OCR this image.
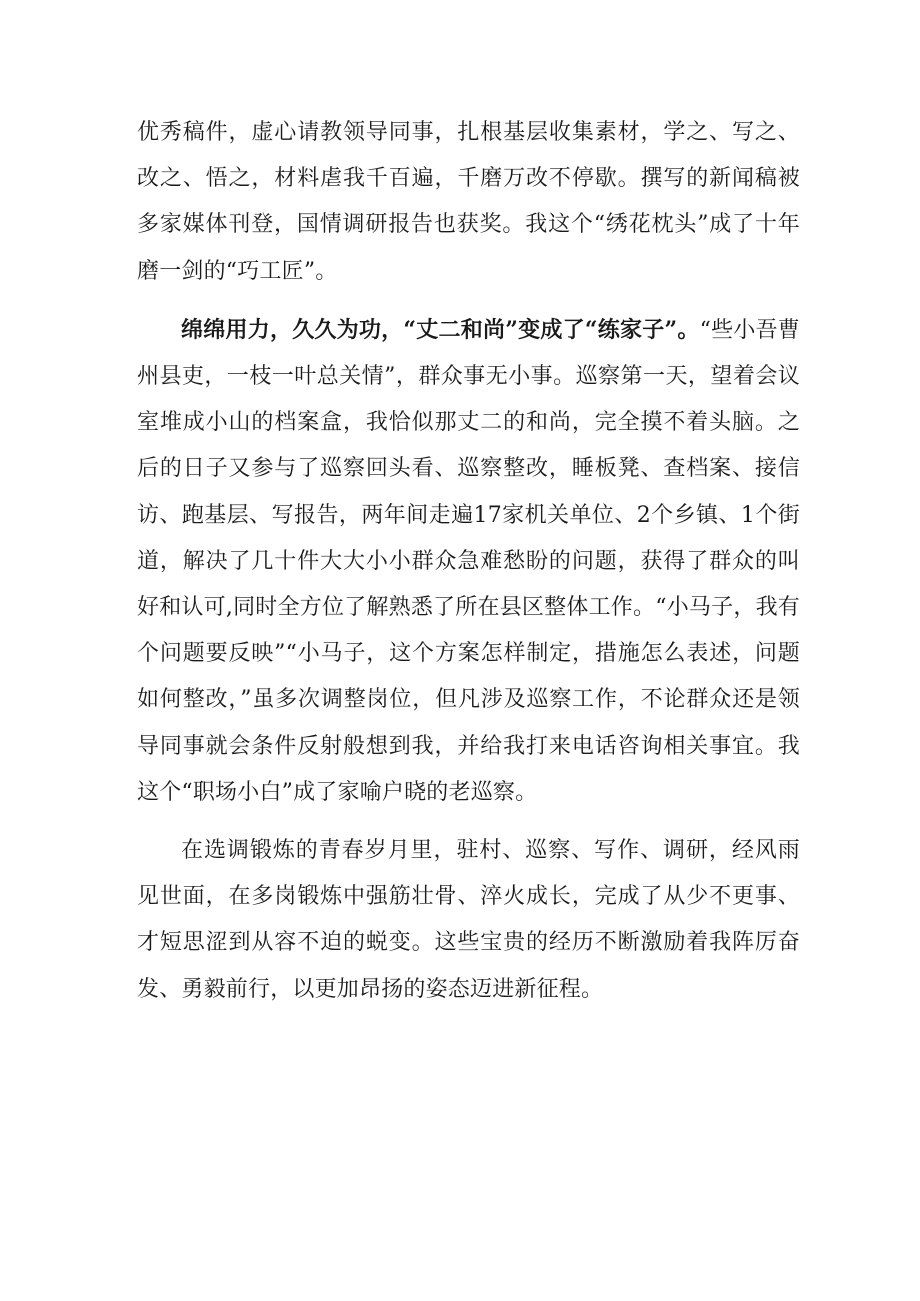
优秀稿件，虚心请教领导同事，扎根基层收集素材，学之、写之、改之、悟之，材料虐我千百遍，千磨万改不停歇。撰写的新闻稿被多家媒体刊登，国情调研报告也获奖。我这个“绣花枕头”成了十年磨一剑的“巧工匠”。

绵绵用力，久久为功，“丈二和尚”变成了“练家子”。“些小吾曹州县吏，一枝一叶总关情”，群众事无小事。巡察第一天，望着会议室堆成小山的档案盒，我恰似那丈二的和尚，完全摸不着头脑。之后的日子又参与了巡察回头看、巡察整改，睡板凳、查档案、接信访、跑基层、写报告，两年间走遍17家机关单位、2个乡镇、1个街道，解决了几十件大大小小群众急难愁盼的问题，获得了群众的叫好和认可,同时全方位了解熟悉了所在县区整体工作。“小马子，我有个问题要反映”“小马子，这个方案怎样制定，措施怎么表述，问题如何整改，”虽多次调整岗位，但凡涉及巡察工作，不论群众还是领导同事就会条件反射般想到我，并给我打来电话咨询相关事宜。我这个“职场小白”成了家喻户晓的老巡察。

在选调锻炼的青春岁月里，驻村、巡察、写作、调研，经风雨见世面，在多岗锻炼中强筋壮骨、淬火成长，完成了从少不更事、才短思涩到从容不迫的蜕变。这些宝贵的经历不断激励着我阵厉奋发、勇毅前行，以更加昂扬的姿态迈进新征程。
